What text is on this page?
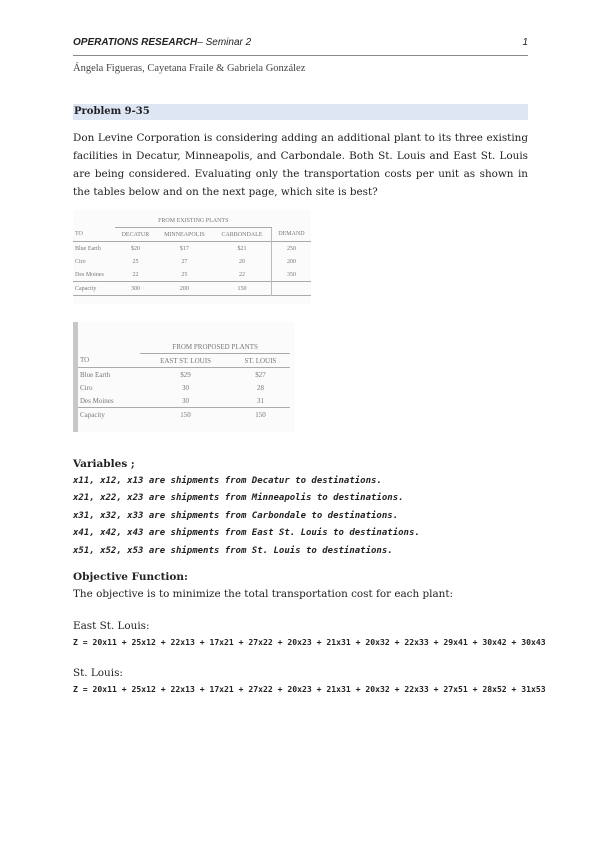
OPERATIONS RESEARCH– Seminar 2	1
Ángela Figueras, Cayetana Fraile & Gabriela González
Problem 9-35
Don Levine Corporation is considering adding an additional plant to its three existing facilities in Decatur, Minneapolis, and Carbondale. Both St. Louis and East St. Louis are being considered. Evaluating only the transportation costs per unit as shown in the tables below and on the next page, which site is best?
	FROM EXISTING PLANTS			
TO	DECATUR	MINNEAPOLIS	CARBONDALE	DEMAND
Blue Earth	$20	$17	$21	250
Ciro	25	27	20	200
Des Moines	22	25	22	350
Capacity	300	200	150	
	FROM PROPOSED PLANTS	
TO	EAST ST. LOUIS	ST. LOUIS
Blue Earth	$29	$27
Ciro	30	28
Des Moines	30	31
Capacity	150	150
Variables ;
x11, x12, x13 are shipments from Decatur to destinations.
x21, x22, x23 are shipments from Minneapolis to destinations.
x31, x32, x33 are shipments from Carbondale to destinations.
x41, x42, x43 are shipments from East St. Louis to destinations.
x51, x52, x53 are shipments from St. Louis to destinations.
Objective Function:
The objective is to minimize the total transportation cost for each plant:
East St. Louis:
Z = 20x11 + 25x12 + 22x13 + 17x21 + 27x22 + 20x23 + 21x31 + 20x32 + 22x33 + 29x41 + 30x42 + 30x43
St. Louis:
Z = 20x11 + 25x12 + 22x13 + 17x21 + 27x22 + 20x23 + 21x31 + 20x32 + 22x33 + 27x51 + 28x52 + 31x53
